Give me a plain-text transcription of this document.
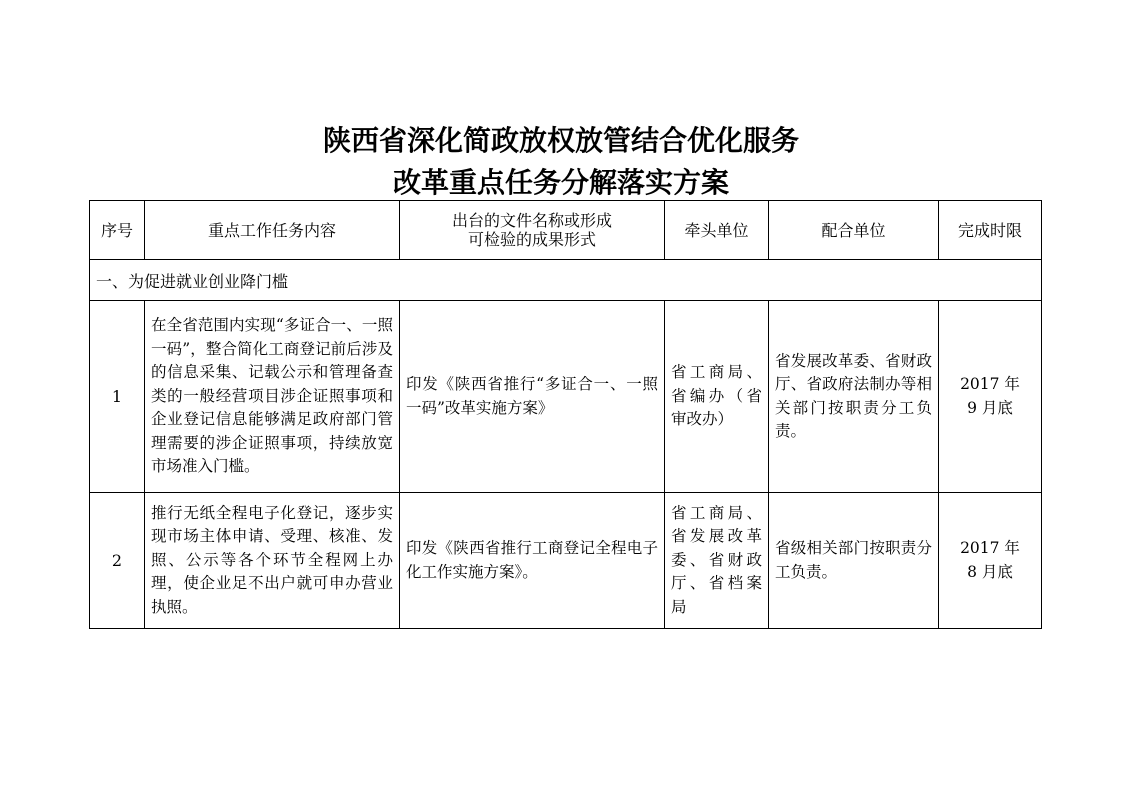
陕西省深化简政放权放管结合优化服务
改革重点任务分解落实方案
序号	重点工作任务内容	出台的文件名称或形成
可检验的成果形式	牵头单位	配合单位	完成时限
一、为促进就业创业降门槛					
1	在全省范围内实现“多证合一、一照一码”，整合简化工商登记前后涉及的信息采集、记载公示和管理备查类的一般经营项目涉企证照事项和企业登记信息能够满足政府部门管理需要的涉企证照事项，持续放宽市场准入门槛。	印发《陕西省推行“多证合一、一照一码”改革实施方案》	省工商局、省编办（省审改办）	省发展改革委、省财政厅、省政府法制办等相关部门按职责分工负责。	2017 年
9 月底
2	推行无纸全程电子化登记，逐步实现市场主体申请、受理、核准、发照、公示等各个环节全程网上办理，使企业足不出户就可申办营业执照。	印发《陕西省推行工商登记全程电子化工作实施方案》。	省工商局、省发展改革委、省财政厅、省档案局	省级相关部门按职责分工负责。	2017 年
8 月底
